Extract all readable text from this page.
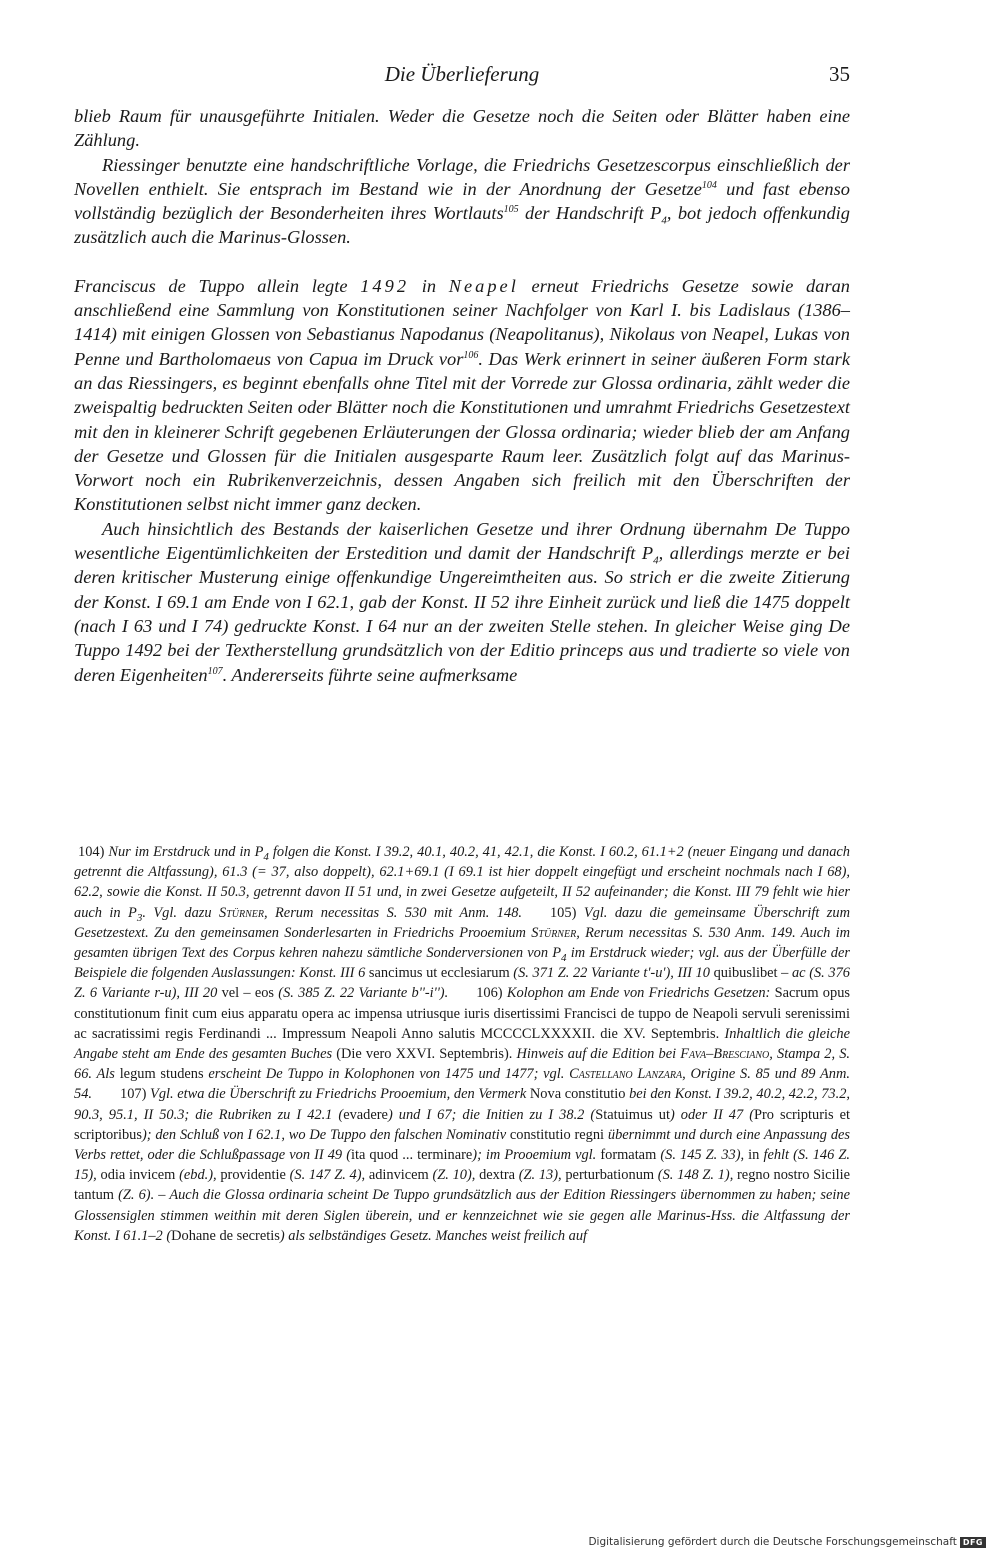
Die Überlieferung	35

blieb Raum für unausgeführte Initialen. Weder die Gesetze noch die Seiten oder Blätter haben eine Zählung.

Riessinger benutzte eine handschriftliche Vorlage, die Friedrichs Gesetzescorpus einschließlich der Novellen enthielt. Sie entsprach im Bestand wie in der Anordnung der Gesetze$^{104}$ und fast ebenso vollständig bezüglich der Besonderheiten ihres Wortlauts$^{105}$ der Handschrift $P_4$, bot jedoch offenkundig zusätzlich auch die Marinus-Glossen.

Franciscus de Tuppo allein legte 1492 in Neapel erneut Friedrichs Gesetze sowie daran anschließend eine Sammlung von Konstitutionen seiner Nachfolger von Karl I. bis Ladislaus (1386–1414) mit einigen Glossen von Sebastianus Napodanus (Neapolitanus), Nikolaus von Neapel, Lukas von Penne und Bartholomaeus von Capua im Druck vor$^{106}$. Das Werk erinnert in seiner äußeren Form stark an das Riessingers, es beginnt ebenfalls ohne Titel mit der Vorrede zur Glossa ordinaria, zählt weder die zweispaltig bedruckten Seiten oder Blätter noch die Konstitutionen und umrahmt Friedrichs Gesetzestext mit den in kleinerer Schrift gegebenen Erläuterungen der Glossa ordinaria; wieder blieb der am Anfang der Gesetze und Glossen für die Initialen ausgesparte Raum leer. Zusätzlich folgt auf das Marinus-Vorwort noch ein Rubrikenverzeichnis, dessen Angaben sich freilich mit den Überschriften der Konstitutionen selbst nicht immer ganz decken.

Auch hinsichtlich des Bestands der kaiserlichen Gesetze und ihrer Ordnung übernahm De Tuppo wesentliche Eigentümlichkeiten der Erstedition und damit der Handschrift $P_4$, allerdings merzte er bei deren kritischer Musterung einige offenkundige Ungereimtheiten aus. So strich er die zweite Zitierung der Konst. I 69.1 am Ende von I 62.1, gab der Konst. II 52 ihre Einheit zurück und ließ die 1475 doppelt (nach I 63 und I 74) gedruckte Konst. I 64 nur an der zweiten Stelle stehen. In gleicher Weise ging De Tuppo 1492 bei der Textherstellung grundsätzlich von der Editio princeps aus und tradierte so viele von deren Eigenheiten$^{107}$. Andererseits führte seine aufmerksame

104) Nur im Erstdruck und in $P_4$ folgen die Konst. I 39.2, 40.1, 40.2, 41, 42.1, die Konst. I 60.2, 61.1+2 (neuer Eingang und danach getrennt die Altfassung), 61.3 (= 37, also doppelt), 62.1+69.1 (I 69.1 ist hier doppelt eingefügt und erscheint nochmals nach I 68), 62.2, sowie die Konst. II 50.3, getrennt davon II 51 und, in zwei Gesetze aufgeteilt, II 52 aufeinander; die Konst. III 79 fehlt wie hier auch in $P_3$. Vgl. dazu Stürner, Rerum necessitas S. 530 mit Anm. 148. 105) Vgl. dazu die gemeinsame Überschrift zum Gesetzestext. Zu den gemeinsamen Sonderlesarten in Friedrichs Prooemium Stürner, Rerum necessitas S. 530 Anm. 149. Auch im gesamten übrigen Text des Corpus kehren nahezu sämtliche Sonderversionen von $P_4$ im Erstdruck wieder; vgl. aus der Überfülle der Beispiele die folgenden Auslassungen: Konst. III 6 sancimus ut ecclesiarum (S. 371 Z. 22 Variante t'-u'), III 10 quibuslibet – ac (S. 376 Z. 6 Variante r-u), III 20 vel – eos (S. 385 Z. 22 Variante b''-i''). 106) Kolophon am Ende von Friedrichs Gesetzen: Sacrum opus constitutionum finit cum eius apparatu opera ac impensa utriusque iuris disertissimi Francisci de tuppo de Neapoli servuli serenissimi ac sacratissimi regis Ferdinandi ... Impressum Neapoli Anno salutis MCCCCLXXXXII. die XV. Septembris. Inhaltlich die gleiche Angabe steht am Ende des gesamten Buches (Die vero XXVI. Septembris). Hinweis auf die Edition bei Fava–Bresciano, Stampa 2, S. 66. Als legum studens erscheint De Tuppo in Kolophonen von 1475 und 1477; vgl. Castellano Lanzara, Origine S. 85 und 89 Anm. 54. 107) Vgl. etwa die Überschrift zu Friedrichs Prooemium, den Vermerk Nova constitutio bei den Konst. I 39.2, 40.2, 42.2, 73.2, 90.3, 95.1, II 50.3; die Rubriken zu I 42.1 (evadere) und I 67; die Initien zu I 38.2 (Statuimus ut) oder II 47 (Pro scripturis et scriptoribus); den Schluß von I 62.1, wo De Tuppo den falschen Nominativ constitutio regni übernimmt und durch eine Anpassung des Verbs rettet, oder die Schlußpassage von II 49 (ita quod ... terminare); im Prooemium vgl. formatam (S. 145 Z. 33), in fehlt (S. 146 Z. 15), odia invicem (ebd.), providentie (S. 147 Z. 4), adinvicem (Z. 10), dextra (Z. 13), perturbationum (S. 148 Z. 1), regno nostro Sicilie tantum (Z. 6). – Auch die Glossa ordinaria scheint De Tuppo grundsätzlich aus der Edition Riessingers übernommen zu haben; seine Glossensiglen stimmen weithin mit deren Siglen überein, und er kennzeichnet wie sie gegen alle Marinus-Hss. die Altfassung der Konst. I 61.1–2 (Dohane de secretis) als selbständiges Gesetz. Manches weist freilich auf

Digitalisierung gefördert durch die Deutsche Forschungsgemeinschaft DFG
